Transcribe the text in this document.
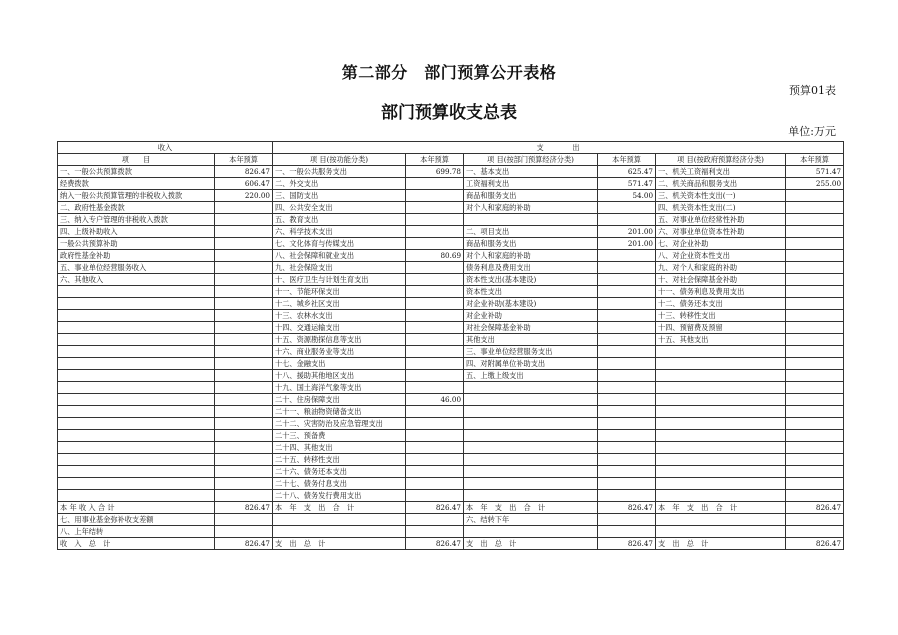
第二部分　部门预算公开表格
预算01表
部门预算收支总表
单位:万元
收入		支　　　　出					
项　　目	本年预算	项 目(按功能分类)	本年预算	项 目(按部门预算经济分类)	本年预算	项 目(按政府预算经济分类)	本年预算
一、一般公共预算拨款	826.47	一、一般公共服务支出	699.78	一、基本支出	625.47	一、机关工资福利支出	571.47
经费拨款	606.47	二、外交支出		工资福利支出	571.47	二、机关商品和服务支出	255.00
纳入一般公共预算管理的非税收入拨款	220.00	三、国防支出		商品和服务支出	54.00	三、机关资本性支出(一)	
二、政府性基金拨款		四、公共安全支出		对个人和家庭的补助		四、机关资本性支出(二)	
三、纳入专户管理的非税收入拨款		五、教育支出				五、对事业单位经常性补助	
四、上级补助收入		六、科学技术支出		二、项目支出	201.00	六、对事业单位资本性补助	
一般公共预算补助		七、文化体育与传媒支出		商品和服务支出	201.00	七、对企业补助	
政府性基金补助		八、社会保障和就业支出	80.69	对个人和家庭的补助		八、对企业资本性支出	
五、事业单位经营服务收入		九、社会保险支出		债务利息及费用支出		九、对个人和家庭的补助	
六、其他收入		十、医疗卫生与计划生育支出		资本性支出(基本建设)		十、对社会保障基金补助	
		十一、节能环保支出		资本性支出		十一、债务利息及费用支出	
		十二、城乡社区支出		对企业补助(基本建设)		十二、债务还本支出	
		十三、农林水支出		对企业补助		十三、转移性支出	
		十四、交通运输支出		对社会保障基金补助		十四、预留费及预留	
		十五、资源勘探信息等支出		其他支出		十五、其他支出	
		十六、商业服务业等支出		三、事业单位经营服务支出			
		十七、金融支出		四、对附属单位补助支出			
		十八、援助其他地区支出		五、上缴上级支出			
		十九、国土海洋气象等支出					
		二十、住房保障支出	46.00				
		二十一、粮油物资储备支出					
		二十二、灾害防治及应急管理支出					
		二十三、预备费					
		二十四、其他支出					
		二十五、转移性支出					
		二十六、债务还本支出					
		二十七、债务付息支出					
		二十八、债务发行费用支出					
本 年 收 入 合 计	826.47	本　年　支　出　合　计	826.47	本　年　支　出　合　计	826.47	本　年　支　出　合　计	826.47
七、用事业基金弥补收支差额				六、结转下年			
八、上年结转							
收　入　总　计	826.47	支　出　总　计	826.47	支　出　总　计	826.47	支　出　总　计	826.47
